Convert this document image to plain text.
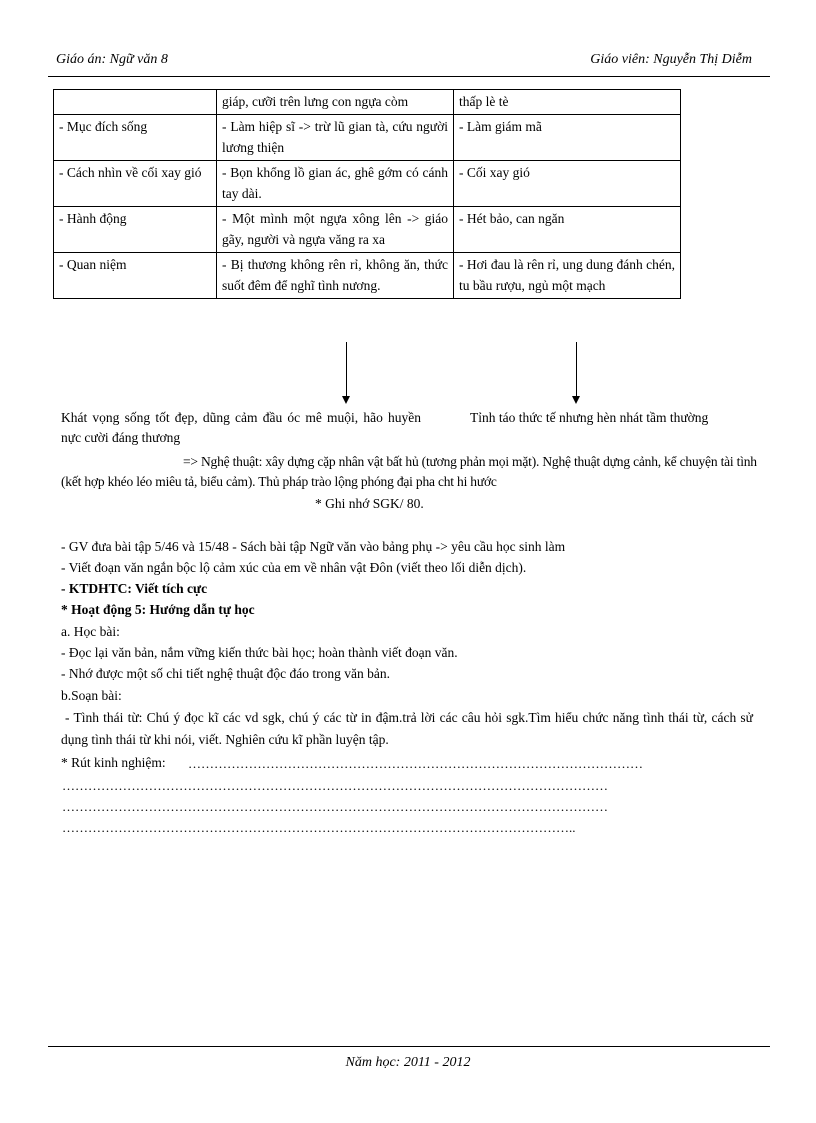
Giáo án: Ngữ văn 8	Giáo viên: Nguyễn Thị Diễm
	giáp, cưỡi trên lưng con ngựa còm	thấp lè tè
- Mục đích sống	- Làm hiệp sĩ -> trừ lũ gian tà, cứu người lương thiện	- Làm giám mã
- Cách nhìn về cối xay gió	- Bọn khổng lồ gian ác, ghê gớm có cánh tay dài.	- Cối xay gió
- Hành động	- Một mình một ngựa xông lên -> giáo gãy, người và ngựa văng ra xa	- Hét bảo, can ngăn
- Quan niệm	- Bị thương không rên rỉ, không ăn, thức suốt đêm để nghĩ tình nương.	- Hơi đau là rên rỉ, ung dung đánh chén, tu bầu rượu, ngủ một mạch
Khát vọng sống tốt đẹp, dũng cảm đầu óc mê muội, hão huyền nực cười đáng thương
Tỉnh táo thức tế nhưng hèn nhát tầm thường
=> Nghệ thuật: xây dựng cặp nhân vật bất hủ (tương phản mọi mặt). Nghệ thuật dựng cảnh, kể chuyện tài tình (kết hợp khéo léo miêu tả, biểu cảm). Thủ pháp trào lộng phóng đại pha cht hi hước
* Ghi nhớ SGK/ 80.
- GV đưa bài tập 5/46 và 15/48 - Sách bài tập Ngữ văn vào bảng phụ -> yêu cầu học sinh làm
- Viết đoạn văn ngắn bộc lộ cảm xúc của em về nhân vật Đôn (viết theo lối diễn dịch).
- KTDHTC: Viết tích cực
* Hoạt động 5: Hướng dẫn tự học
a. Học bài:
- Đọc lại văn bản, nắm vững kiến thức bài học; hoàn thành viết đoạn văn.
- Nhớ được một số chi tiết nghệ thuật độc đáo trong văn bản.
b.Soạn bài:
- Tình thái từ: Chú ý đọc kĩ các vd sgk, chú ý các từ in đậm.trả lời các câu hỏi sgk.Tìm hiểu chức năng tình thái từ, cách sử dụng tình thái từ khi nói, viết. Nghiên cứu kĩ phần luyện tập.
* Rút kinh nghiệm: ……………………………………………………………………………………………
………………………………………………………………………………………………………………
………………………………………………………………………………………………………………
………………………………………………………………………………………………………..
Năm học: 2011 - 2012
